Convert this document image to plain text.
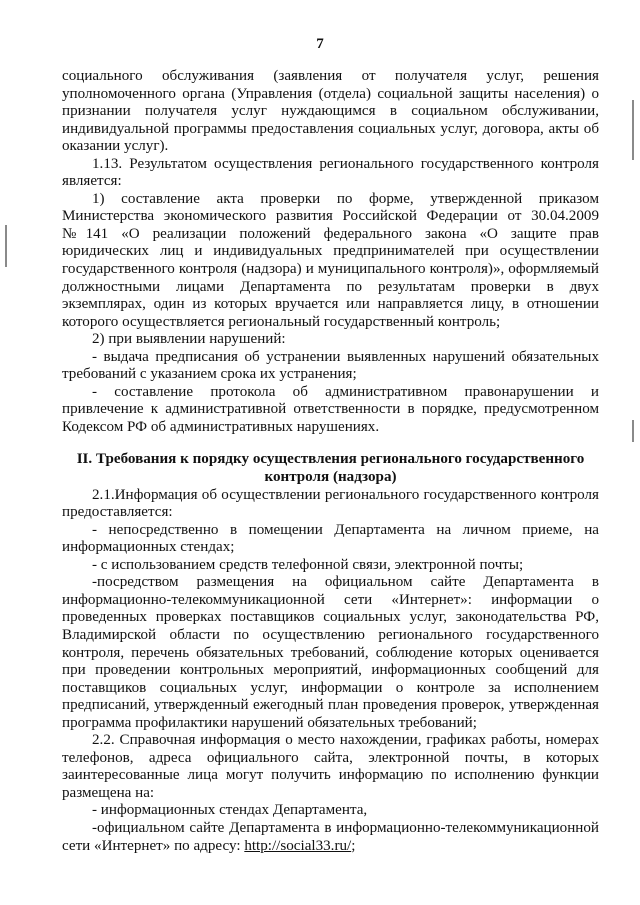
7

социального обслуживания (заявления от получателя услуг, решения уполномоченного органа (Управления (отдела) социальной защиты населения) о признании получателя услуг нуждающимся в социальном обслуживании, индивидуальной программы предоставления социальных услуг, договора, акты об оказании услуг).

1.13. Результатом осуществления регионального государственного контроля является:

1) составление акта проверки по форме, утвержденной приказом Министерства экономического развития Российской Федерации от 30.04.2009 №141 «О реализации положений федерального закона «О защите прав юридических лиц и индивидуальных предпринимателей при осуществлении государственного контроля (надзора) и муниципального контроля)», оформляемый должностными лицами Департамента по результатам проверки в двух экземплярах, один из которых вручается или направляется лицу, в отношении которого осуществляется региональный государственный контроль;

2) при выявлении нарушений:

- выдача предписания об устранении выявленных нарушений обязательных требований с указанием срока их устранения;

- составление протокола об административном правонарушении и привлечение к административной ответственности в порядке, предусмотренном Кодексом РФ об административных нарушениях.

II. Требования к порядку осуществления регионального государственного контроля (надзора)

2.1.Информация об осуществлении регионального государственного контроля предоставляется:

- непосредственно в помещении Департамента на личном приеме, на информационных стендах;

- с использованием средств телефонной связи, электронной почты;

-посредством размещения на официальном сайте Департамента в информационно-телекоммуникационной сети «Интернет»: информации о проведенных проверках поставщиков социальных услуг, законодательства РФ, Владимирской области по осуществлению регионального государственного контроля, перечень обязательных требований, соблюдение которых оценивается при проведении контрольных мероприятий, информационных сообщений для поставщиков социальных услуг, информации о контроле за исполнением предписаний, утвержденный ежегодный план проведения проверок, утвержденная программа профилактики нарушений обязательных требований;

2.2. Справочная информация о место нахождении, графиках работы, номерах телефонов, адреса официального сайта, электронной почты, в которых заинтересованные лица могут получить информацию по исполнению функции размещена на:

- информационных стендах Департамента,

-официальном сайте Департамента в информационно-телекоммуникационной сети «Интернет» по адресу: http://social33.ru/;
